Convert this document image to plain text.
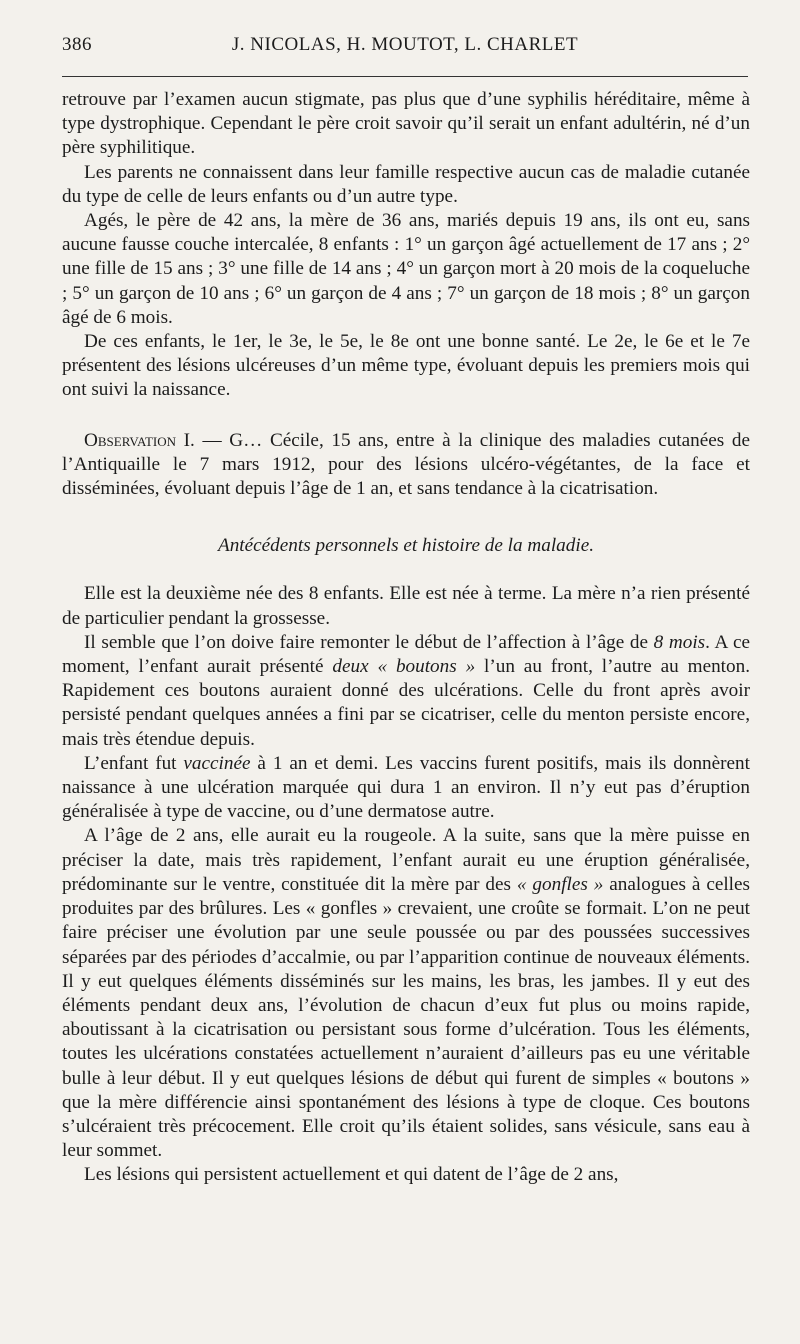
386	J. NICOLAS, H. MOUTOT, L. CHARLET

retrouve par l’examen aucun stigmate, pas plus que d’une syphilis héréditaire, même à type dystrophique. Cependant le père croit savoir qu’il serait un enfant adultérin, né d’un père syphilitique.

Les parents ne connaissent dans leur famille respective aucun cas de maladie cutanée du type de celle de leurs enfants ou d’un autre type.

Agés, le père de 42 ans, la mère de 36 ans, mariés depuis 19 ans, ils ont eu, sans aucune fausse couche intercalée, 8 enfants : 1° un garçon âgé actuellement de 17 ans ; 2° une fille de 15 ans ; 3° une fille de 14 ans ; 4° un garçon mort à 20 mois de la coqueluche ; 5° un garçon de 10 ans ; 6° un garçon de 4 ans ; 7° un garçon de 18 mois ; 8° un garçon âgé de 6 mois.

De ces enfants, le 1er, le 3e, le 5e, le 8e ont une bonne santé. Le 2e, le 6e et le 7e présentent des lésions ulcéreuses d’un même type, évoluant depuis les premiers mois qui ont suivi la naissance.

Observation I. — G… Cécile, 15 ans, entre à la clinique des maladies cutanées de l’Antiquaille le 7 mars 1912, pour des lésions ulcéro-végétantes, de la face et disséminées, évoluant depuis l’âge de 1 an, et sans tendance à la cicatrisation.

Antécédents personnels et histoire de la maladie.

Elle est la deuxième née des 8 enfants. Elle est née à terme. La mère n’a rien présenté de particulier pendant la grossesse.

Il semble que l’on doive faire remonter le début de l’affection à l’âge de 8 mois. A ce moment, l’enfant aurait présenté deux « boutons » l’un au front, l’autre au menton. Rapidement ces boutons auraient donné des ulcérations. Celle du front après avoir persisté pendant quelques années a fini par se cicatriser, celle du menton persiste encore, mais très étendue depuis.

L’enfant fut vaccinée à 1 an et demi. Les vaccins furent positifs, mais ils donnèrent naissance à une ulcération marquée qui dura 1 an environ. Il n’y eut pas d’éruption généralisée à type de vaccine, ou d’une dermatose autre.

A l’âge de 2 ans, elle aurait eu la rougeole. A la suite, sans que la mère puisse en préciser la date, mais très rapidement, l’enfant aurait eu une éruption généralisée, prédominante sur le ventre, constituée dit la mère par des « gonfles » analogues à celles produites par des brûlures. Les « gonfles » crevaient, une croûte se formait. L’on ne peut faire préciser une évolution par une seule poussée ou par des poussées successives séparées par des périodes d’accalmie, ou par l’apparition continue de nouveaux éléments. Il y eut quelques éléments disséminés sur les mains, les bras, les jambes. Il y eut des éléments pendant deux ans, l’évolution de chacun d’eux fut plus ou moins rapide, aboutissant à la cicatrisation ou persistant sous forme d’ulcération. Tous les éléments, toutes les ulcérations constatées actuellement n’auraient d’ailleurs pas eu une véritable bulle à leur début. Il y eut quelques lésions de début qui furent de simples « boutons » que la mère différencie ainsi spontanément des lésions à type de cloque. Ces boutons s’ulcéraient très précocement. Elle croit qu’ils étaient solides, sans vésicule, sans eau à leur sommet.

Les lésions qui persistent actuellement et qui datent de l’âge de 2 ans,
